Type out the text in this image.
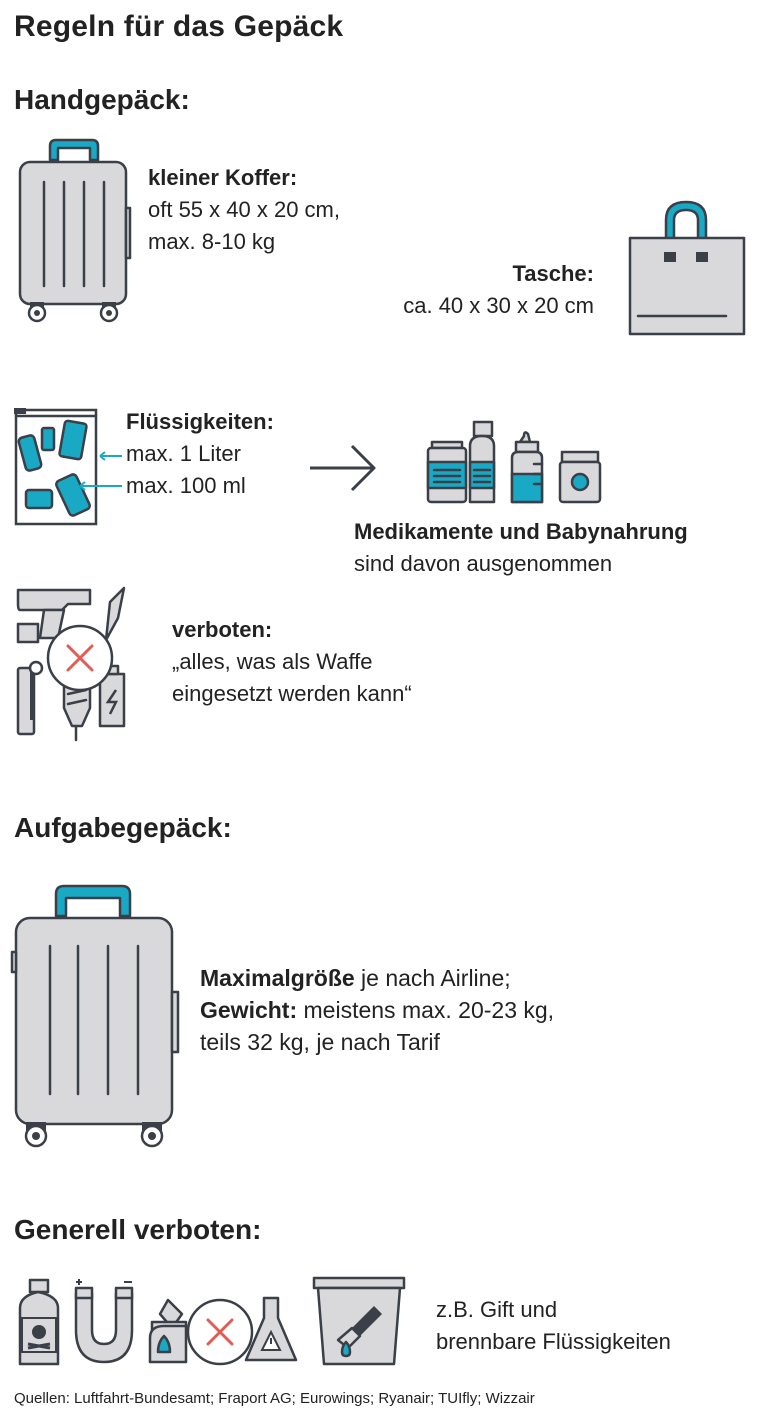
Regeln für das Gepäck
Handgepäck:
kleiner Koffer:
oft 55 x 40 x 20 cm,
max. 8-10 kg
Tasche:
ca. 40 x 30 x 20 cm
Flüssigkeiten:
max. 1 Liter
max. 100 ml
Medikamente und Babynahrung
sind davon ausgenommen
verboten:
„alles, was als Waffe
eingesetzt werden kann“
Aufgabegepäck:
Maximalgröße je nach Airline;
Gewicht: meistens max. 20-23 kg,
teils 32 kg, je nach Tarif
Generell verboten:
z.B. Gift und
brennbare Flüssigkeiten
Quellen: Luftfahrt-Bundesamt; Fraport AG; Eurowings; Ryanair; TUIfly; Wizzair
